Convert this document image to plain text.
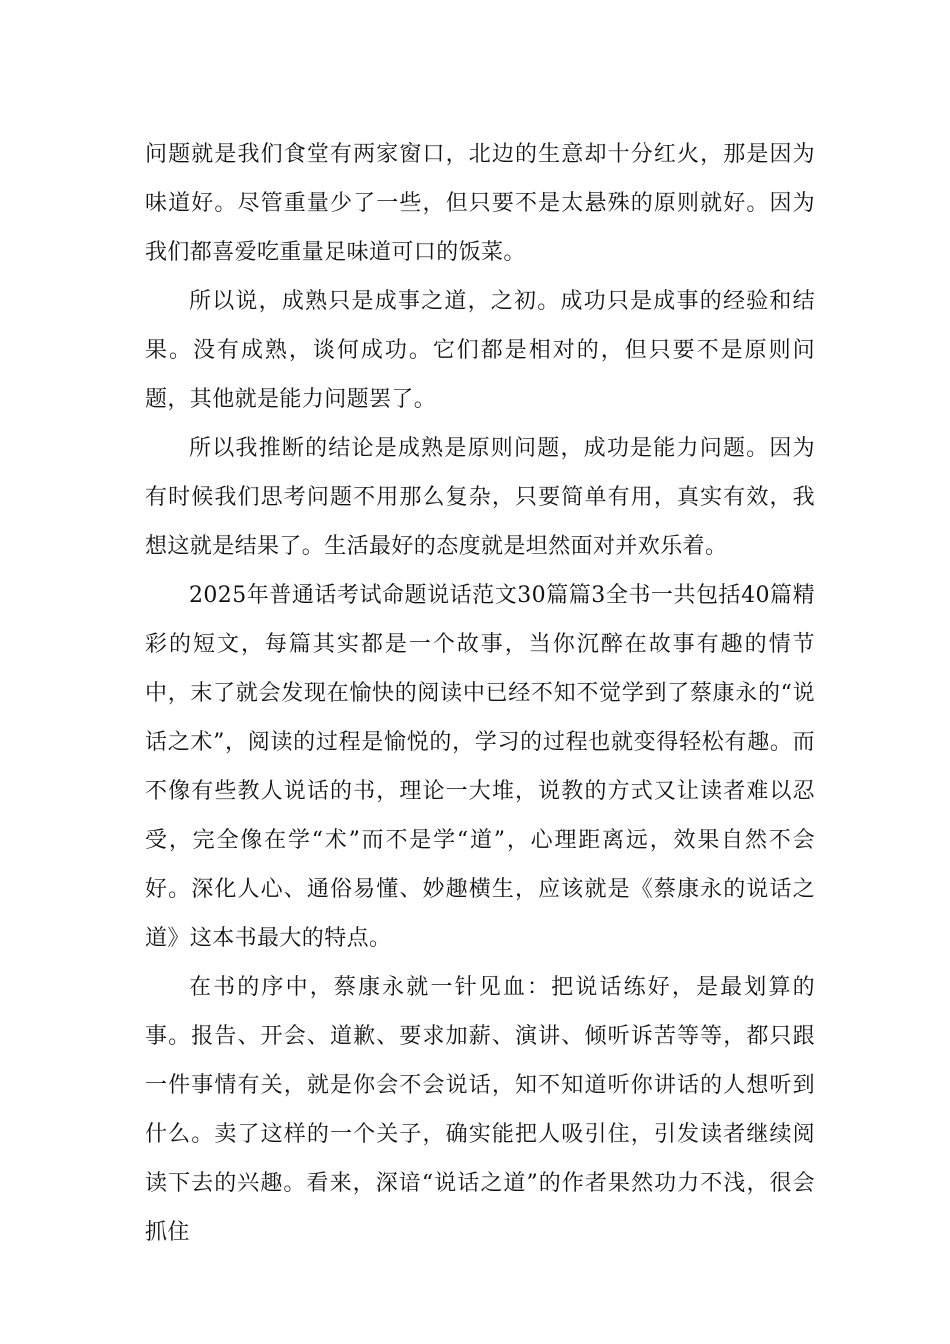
问题就是我们食堂有两家窗口，北边的生意却十分红火，那是因为味道好。尽管重量少了一些，但只要不是太悬殊的原则就好。因为我们都喜爱吃重量足味道可口的饭菜。

所以说，成熟只是成事之道，之初。成功只是成事的经验和结果。没有成熟，谈何成功。它们都是相对的，但只要不是原则问题，其他就是能力问题罢了。

所以我推断的结论是成熟是原则问题，成功是能力问题。因为有时候我们思考问题不用那么复杂，只要简单有用，真实有效，我想这就是结果了。生活最好的态度就是坦然面对并欢乐着。

2025年普通话考试命题说话范文30篇篇3全书一共包括40篇精彩的短文，每篇其实都是一个故事，当你沉醉在故事有趣的情节中，末了就会发现在愉快的阅读中已经不知不觉学到了蔡康永的“说话之术”，阅读的过程是愉悦的，学习的过程也就变得轻松有趣。而不像有些教人说话的书，理论一大堆，说教的方式又让读者难以忍受，完全像在学“术”而不是学“道”，心理距离远，效果自然不会好。深化人心、通俗易懂、妙趣横生，应该就是《蔡康永的说话之道》这本书最大的特点。

在书的序中，蔡康永就一针见血：把说话练好，是最划算的事。报告、开会、道歉、要求加薪、演讲、倾听诉苦等等，都只跟一件事情有关，就是你会不会说话，知不知道听你讲话的人想听到什么。卖了这样的一个关子，确实能把人吸引住，引发读者继续阅读下去的兴趣。看来，深谙“说话之道”的作者果然功力不浅，很会抓住
